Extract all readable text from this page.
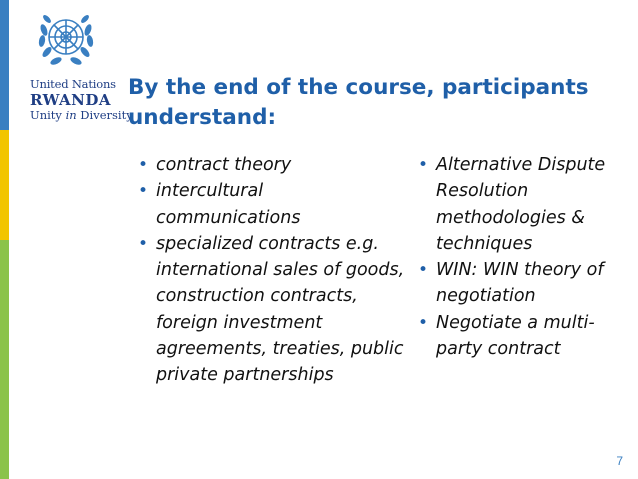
United Nations
RWANDA
Unity in Diversity
By the end of the course, participants understand:
• contract theory
• intercultural communications
• specialized contracts e.g. international sales of goods, construction contracts, foreign investment agreements, treaties, public private partnerships
• Alternative Dispute Resolution methodologies & techniques
• WIN: WIN theory of negotiation
• Negotiate a multi-party contract
7
